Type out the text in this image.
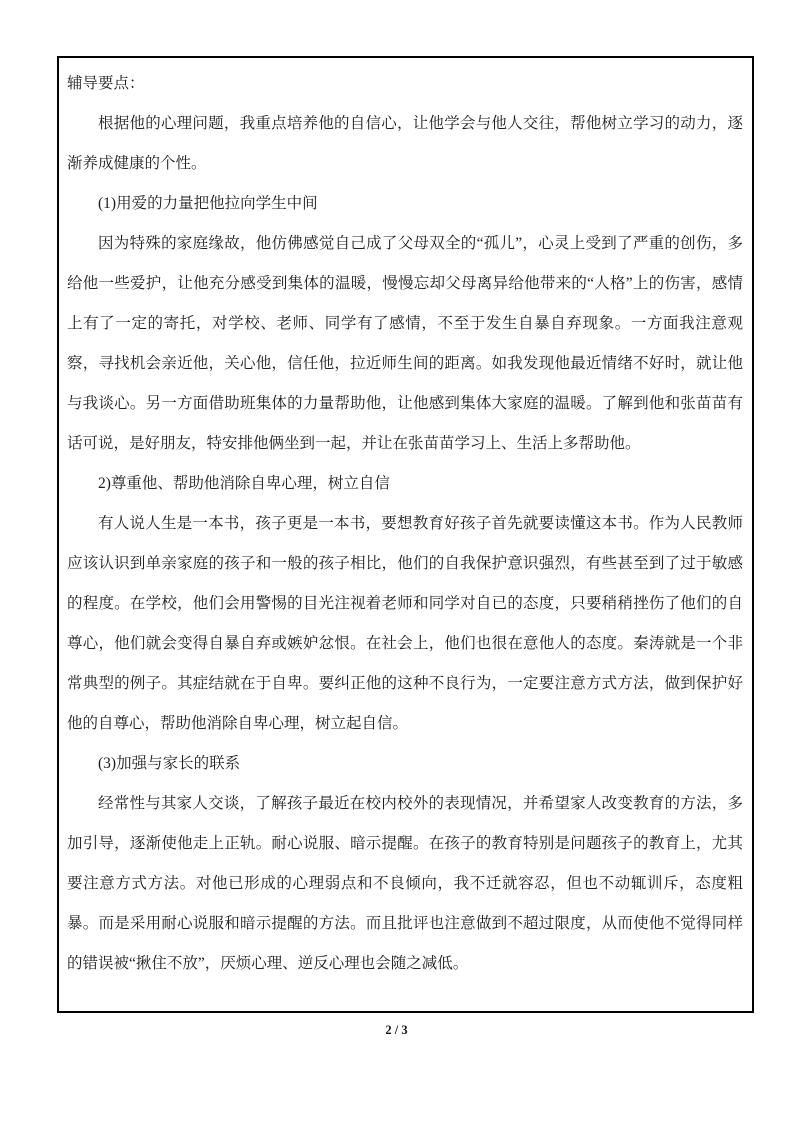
辅导要点：

根据他的心理问题，我重点培养他的自信心，让他学会与他人交往，帮他树立学习的动力，逐渐养成健康的个性。

(1)用爱的力量把他拉向学生中间

因为特殊的家庭缘故，他仿佛感觉自己成了父母双全的“孤儿”，心灵上受到了严重的创伤，多给他一些爱护，让他充分感受到集体的温暖，慢慢忘却父母离异给他带来的“人格”上的伤害，感情上有了一定的寄托，对学校、老师、同学有了感情，不至于发生自暴自弃现象。一方面我注意观察，寻找机会亲近他，关心他，信任他，拉近师生间的距离。如我发现他最近情绪不好时，就让他与我谈心。另一方面借助班集体的力量帮助他，让他感到集体大家庭的温暖。了解到他和张苗苗有话可说，是好朋友，特安排他俩坐到一起，并让在张苗苗学习上、生活上多帮助他。

2)尊重他、帮助他消除自卑心理，树立自信

有人说人生是一本书，孩子更是一本书，要想教育好孩子首先就要读懂这本书。作为人民教师应该认识到单亲家庭的孩子和一般的孩子相比，他们的自我保护意识强烈，有些甚至到了过于敏感的程度。在学校，他们会用警惕的目光注视着老师和同学对自已的态度，只要稍稍挫伤了他们的自尊心，他们就会变得自暴自弃或嫉妒忿恨。在社会上，他们也很在意他人的态度。秦涛就是一个非常典型的例子。其症结就在于自卑。要纠正他的这种不良行为，一定要注意方式方法，做到保护好他的自尊心，帮助他消除自卑心理，树立起自信。

(3)加强与家长的联系

经常性与其家人交谈，了解孩子最近在校内校外的表现情况，并希望家人改变教育的方法，多加引导，逐渐使他走上正轨。耐心说服、暗示提醒。在孩子的教育特别是问题孩子的教育上，尤其要注意方式方法。对他已形成的心理弱点和不良倾向，我不迁就容忍，但也不动辄训斥，态度粗暴。而是采用耐心说服和暗示提醒的方法。而且批评也注意做到不超过限度，从而使他不觉得同样的错误被“揪住不放”，厌烦心理、逆反心理也会随之减低。

2 / 3
